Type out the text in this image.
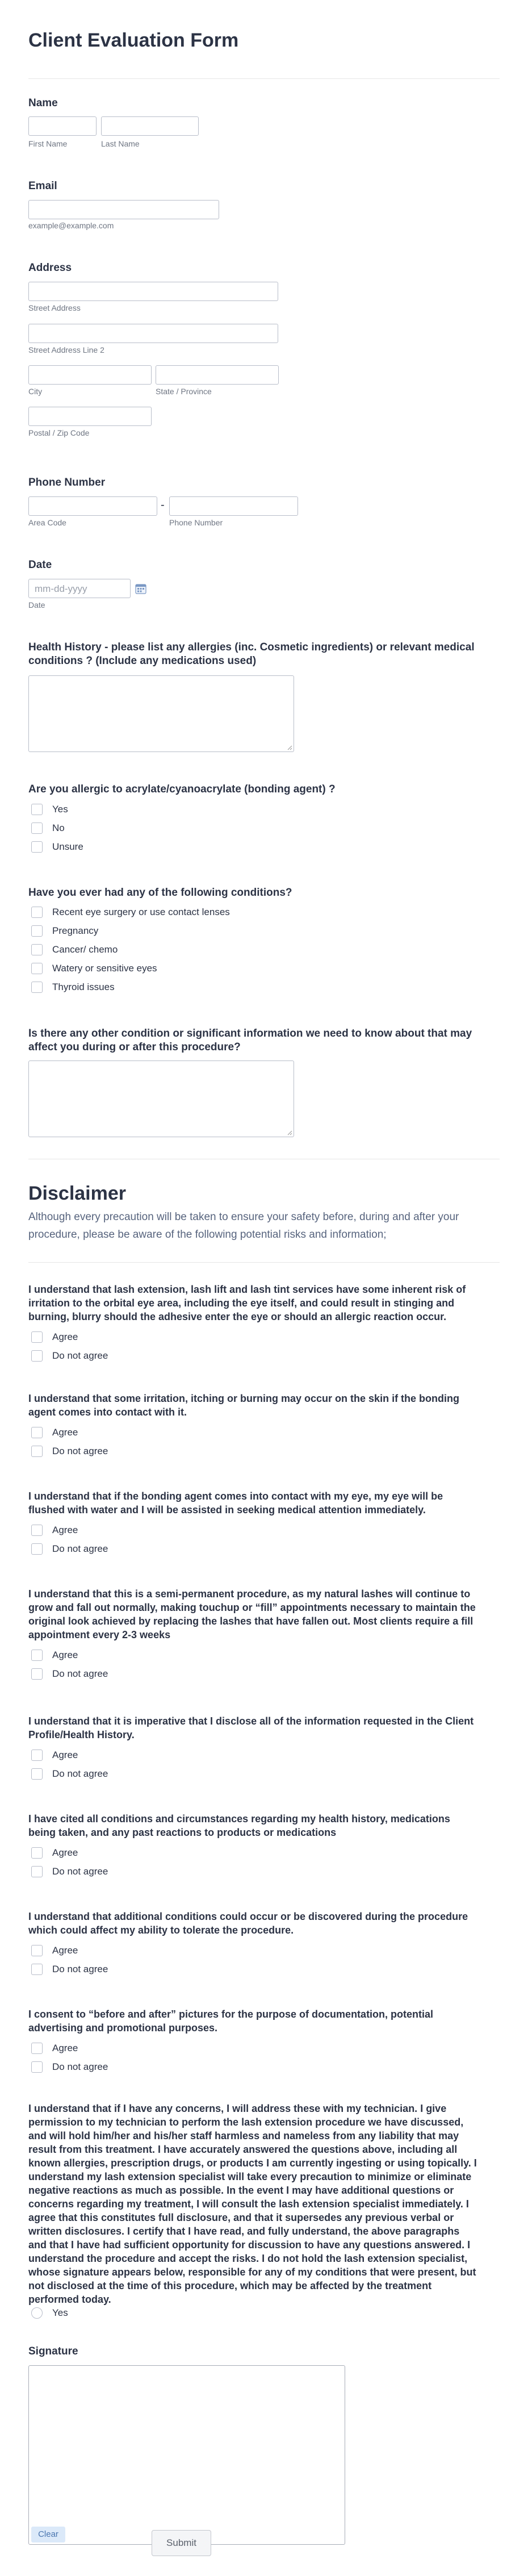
Client Evaluation Form
Name
First Name	Last Name
Email
example@example.com
Address
Street Address
Street Address Line 2
City	State / Province
Postal / Zip Code
Phone Number
-
Area Code	Phone Number
Date
mm-dd-yyyy
Date
Health History - please list any allergies (inc. Cosmetic ingredients) or relevant medical
conditions ? (Include any medications used)
Are you allergic to acrylate/cyanoacrylate (bonding agent) ?
Yes
No
Unsure
Have you ever had any of the following conditions?
Recent eye surgery or use contact lenses
Pregnancy
Cancer/ chemo
Watery or sensitive eyes
Thyroid issues
Is there any other condition or significant information we need to know about that may
affect you during or after this procedure?
Disclaimer
Although every precaution will be taken to ensure your safety before, during and after your
procedure, please be aware of the following potential risks and information;
I understand that lash extension, lash lift and lash tint services have some inherent risk of
irritation to the orbital eye area, including the eye itself, and could result in stinging and
burning, blurry should the adhesive enter the eye or should an allergic reaction occur.
Agree
Do not agree
I understand that some irritation, itching or burning may occur on the skin if the bonding
agent comes into contact with it.
Agree
Do not agree
I understand that if the bonding agent comes into contact with my eye, my eye will be
flushed with water and I will be assisted in seeking medical attention immediately.
Agree
Do not agree
I understand that this is a semi-permanent procedure, as my natural lashes will continue to
grow and fall out normally, making touchup or “fill” appointments necessary to maintain the
original look achieved by replacing the lashes that have fallen out. Most clients require a fill
appointment every 2-3 weeks
Agree
Do not agree
I understand that it is imperative that I disclose all of the information requested in the Client
Profile/Health History.
Agree
Do not agree
I have cited all conditions and circumstances regarding my health history, medications
being taken, and any past reactions to products or medications
Agree
Do not agree
I understand that additional conditions could occur or be discovered during the procedure
which could affect my ability to tolerate the procedure.
Agree
Do not agree
I consent to “before and after” pictures for the purpose of documentation, potential
advertising and promotional purposes.
Agree
Do not agree
I understand that if I have any concerns, I will address these with my technician. I give
permission to my technician to perform the lash extension procedure we have discussed,
and will hold him/her and his/her staff harmless and nameless from any liability that may
result from this treatment. I have accurately answered the questions above, including all
known allergies, prescription drugs, or products I am currently ingesting or using topically. I
understand my lash extension specialist will take every precaution to minimize or eliminate
negative reactions as much as possible. In the event I may have additional questions or
concerns regarding my treatment, I will consult the lash extension specialist immediately. I
agree that this constitutes full disclosure, and that it supersedes any previous verbal or
written disclosures. I certify that I have read, and fully understand, the above paragraphs
and that I have had sufficient opportunity for discussion to have any questions answered. I
understand the procedure and accept the risks. I do not hold the lash extension specialist,
whose signature appears below, responsible for any of my conditions that were present, but
not disclosed at the time of this procedure, which may be affected by the treatment
performed today.
Yes
Signature
Clear
Submit
